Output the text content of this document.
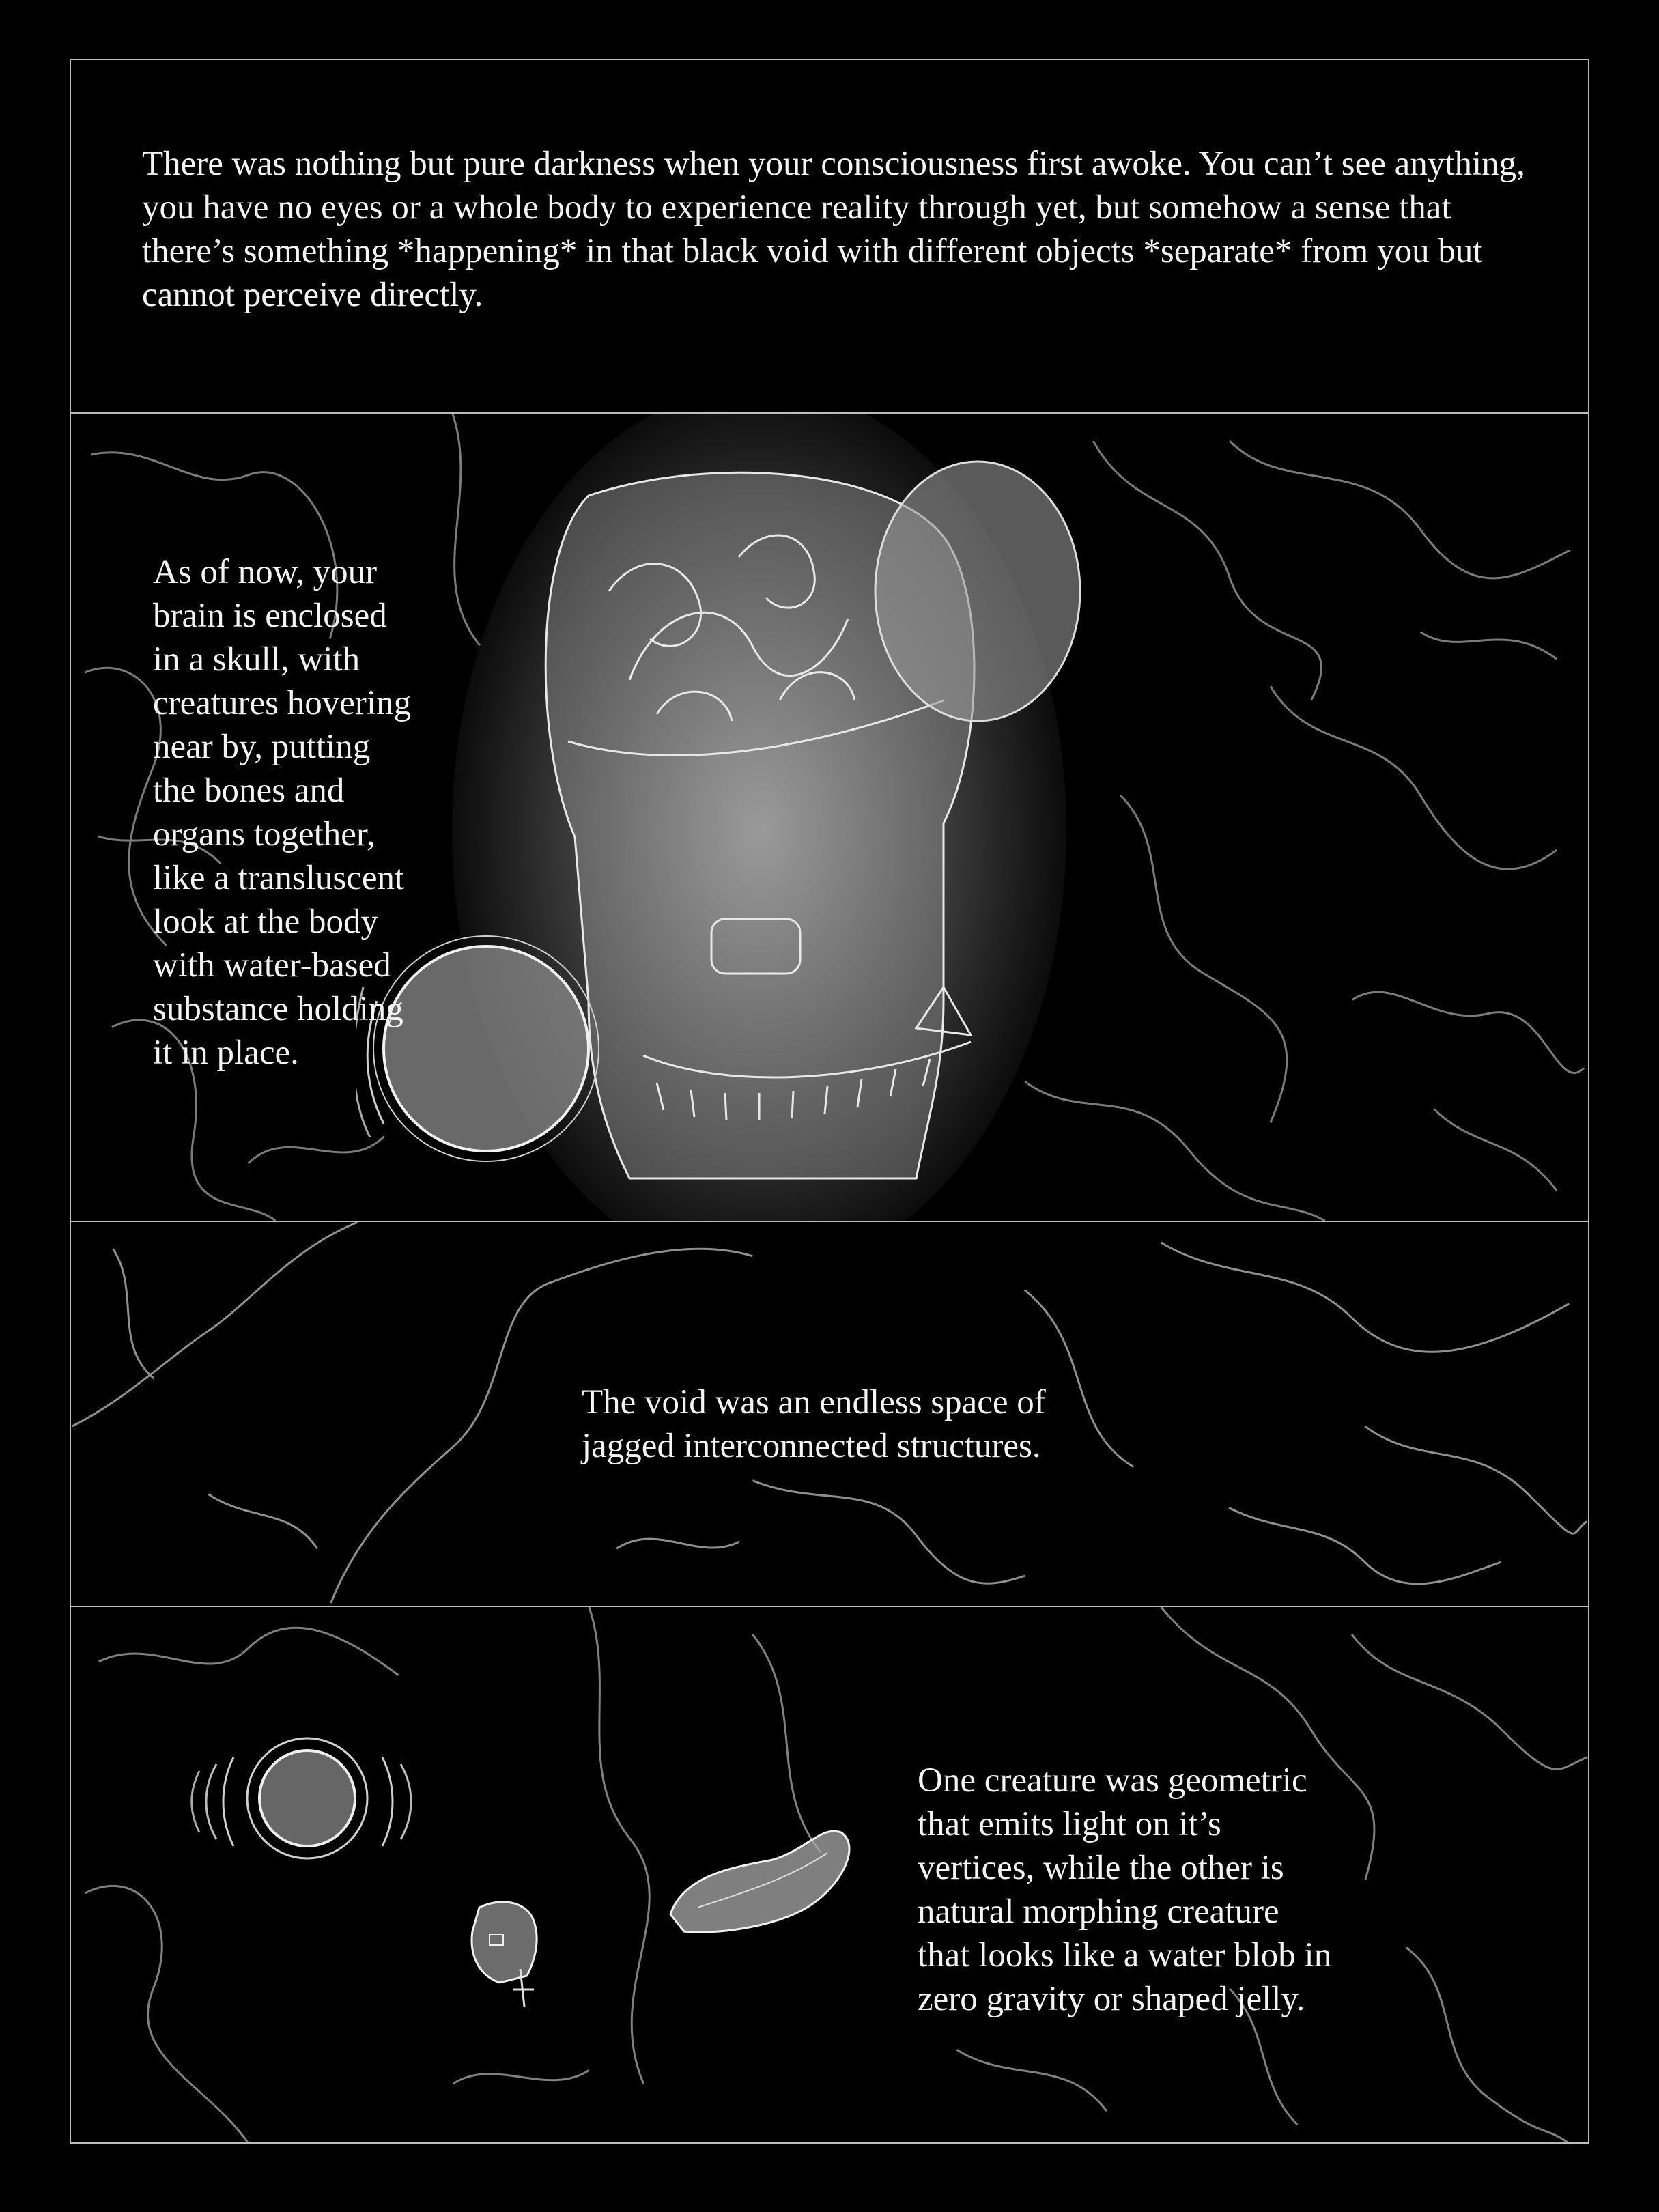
There was nothing but pure darkness when your consciousness first awoke. You can’t see anything, you have no eyes or a whole body to experience reality through yet, but somehow a sense that there’s something *happening* in that black void with different objects *separate* from you but cannot perceive directly.
As of now, your
brain is enclosed
in a skull, with
creatures hovering
near by, putting
the bones and
organs together,
like a transluscent
look at the body
with water-based
substance holding
it in place.
The void was an endless space of
jagged interconnected structures.
One creature was geometric
that emits light on it’s
vertices, while the other is
natural morphing creature
that looks like a water blob in
zero gravity or shaped jelly.
